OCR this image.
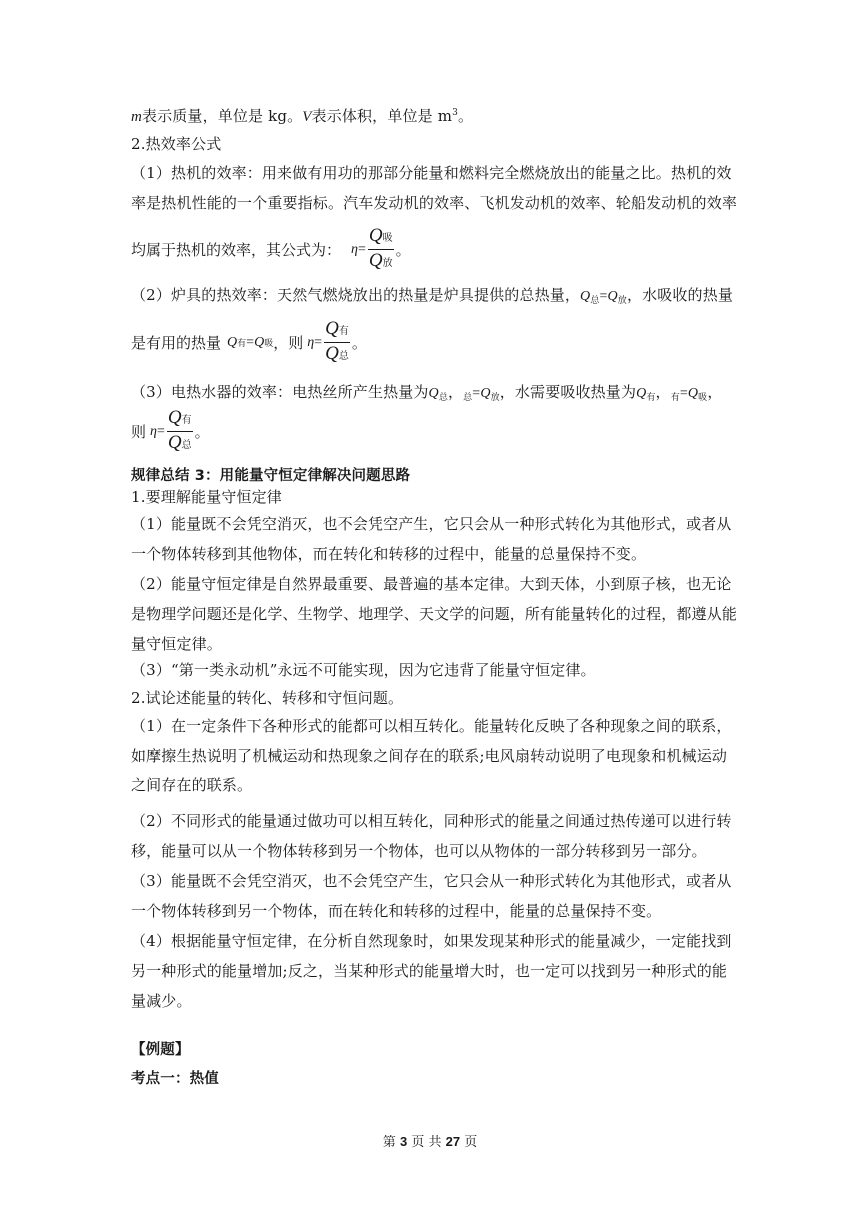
m表示质量，单位是 kg。V表示体积，单位是 $m^3$。
2.热效率公式
（1）热机的效率：用来做有用功的那部分能量和燃料完全燃烧放出的能量之比。热机的效
率是热机性能的一个重要指标。汽车发动机的效率、飞机发动机的效率、轮船发动机的效率
均属于热机的效率，其公式为： $\eta = \frac{\text{Q吸}}{\text{Q放}}$ 。
（2）炉具的热效率：天然气燃烧放出的热量是炉具提供的总热量，$Q_总=Q_放$，水吸收的热量
是有用的热量 Q 有 = Q 吸 ，则 $\eta = \frac{\text{Q有}}{\text{Q总}}$ 。
（3）电热水器的效率：电热丝所产生热量为$Q_总$，$_总=Q_放$，水需要吸收热量为$Q_有$，$_有=Q_吸$，
则 $\eta = \frac{\text{Q有}}{\text{Q总}}$ 。
规律总结 3：用能量守恒定律解决问题思路
1.要理解能量守恒定律
（1）能量既不会凭空消灭，也不会凭空产生，它只会从一种形式转化为其他形式，或者从
一个物体转移到其他物体，而在转化和转移的过程中，能量的总量保持不变。
（2）能量守恒定律是自然界最重要、最普遍的基本定律。大到天体，小到原子核，也无论
是物理学问题还是化学、生物学、地理学、天文学的问题，所有能量转化的过程，都遵从能
量守恒定律。
（3）“第一类永动机”永远不可能实现，因为它违背了能量守恒定律。
2.试论述能量的转化、转移和守恒问题。
（1）在一定条件下各种形式的能都可以相互转化。能量转化反映了各种现象之间的联系，
如摩擦生热说明了机械运动和热现象之间存在的联系;电风扇转动说明了电现象和机械运动
之间存在的联系。
（2）不同形式的能量通过做功可以相互转化，同种形式的能量之间通过热传递可以进行转
移，能量可以从一个物体转移到另一个物体，也可以从物体的一部分转移到另一部分。
（3）能量既不会凭空消灭，也不会凭空产生，它只会从一种形式转化为其他形式，或者从
一个物体转移到另一个物体，而在转化和转移的过程中，能量的总量保持不变。
（4）根据能量守恒定律，在分析自然现象时，如果发现某种形式的能量减少，一定能找到
另一种形式的能量增加;反之，当某种形式的能量增大时，也一定可以找到另一种形式的能
量减少。
【例题】
考点一：热值
第 3 页 共 27 页
